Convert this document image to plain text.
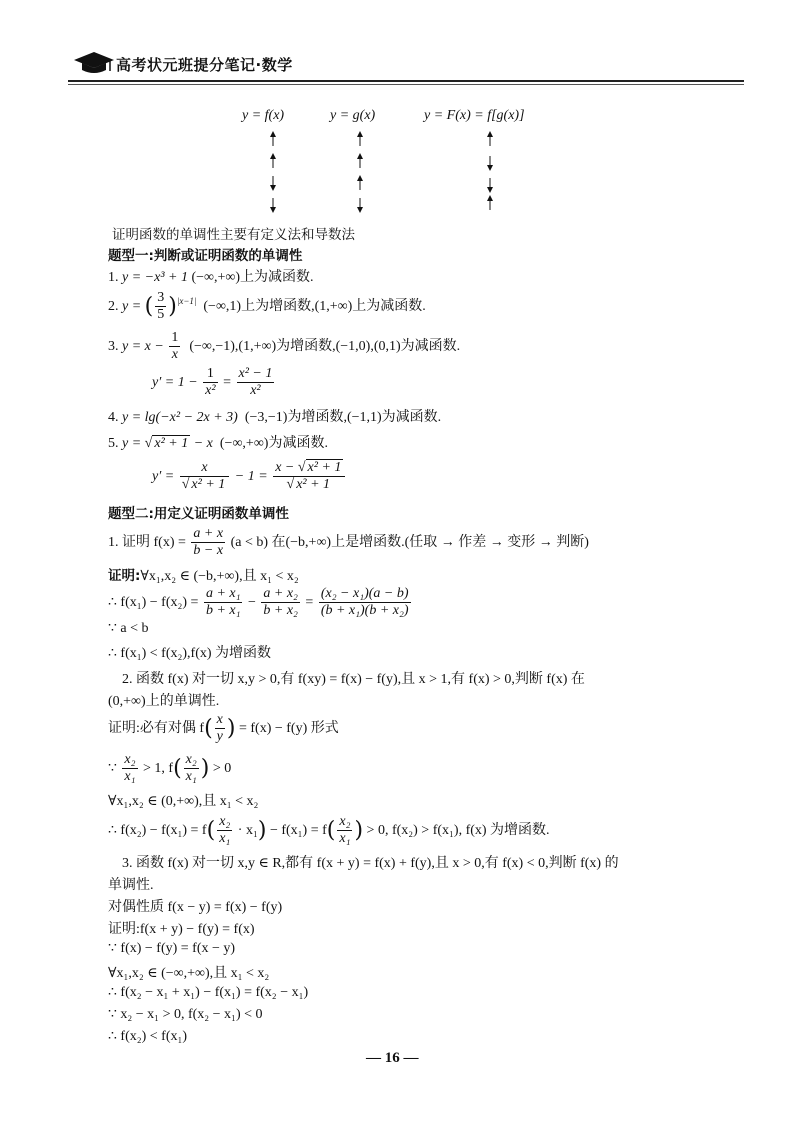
高考状元班提分笔记·数学
y = f(x)	y = g(x)	y = F(x) = f[g(x)]
证明函数的单调性主要有定义法和导数法
题型一:判断或证明函数的单调性
1. y = −x³ + 1 (−∞,+∞)上为减函数.
2. y = ( $\frac{3}{5} )^{|x-1|}$ (−∞,1)上为增函数,(1,+∞)上为减函数.
3. $y = x - \frac{1}{x} (-\infty,-1),(1,+\infty)$为增函数,(−1,0),(0,1)为减函数.
$y' = 1 - \frac{1}{\text{x²}} = \frac{\text{x² − 1}}{\text{x²}}$
4. y = lg(−x² − 2x + 3) (−3,−1)为增函数,(−1,1)为减函数.
5. y = √ x² + 1 − x (−∞,+∞)为减函数.
$y' = \frac{x}{\text{√ x² + 1}} - 1 = \frac{\text{x − √ x² + 1}}{\text{√ x² + 1}}$
题型二:用定义证明函数单调性
1. 证明 $f(x) = \frac{a + x}{b - x} (a < b)$ 在(−b,+∞)上是增函数.(任取 → 作差 → 变形 → 判断)
证明:∀x₁,x₂ ∈ (−b,+∞),且 x₁ < x₂
∴ $f(x_1) - f(x_2) = \frac{\text{a + x₁}}{\text{b + x₁}} - \frac{\text{a + x₂}}{\text{b + x₂}} = \frac{\text{(x₂ − x₁)(a − b)}}{\text{(b + x₁)(b + x₂)}}$
∵ a < b
∴ f(x₁) < f(x₂),f(x) 为增函数
2. 函数 f(x) 对一切 x,y > 0,有 f(xy) = f(x) − f(y),且 x > 1,有 f(x) > 0,判断 f(x) 在
(0,+∞)上的单调性.
证明:必有对偶 $f( \frac{x}{y}$ ) = f(x) − f(y) 形式
∵ $\frac{\text{x₂}}{\text{x₁}} > 1$, $f( \frac{\text{x₂}}{\text{x₁}}$ ) > 0
∀x₁,x₂ ∈ (0,+∞),且 x₁ < x₂
∴ $f(x_2) - f(x_1) = f( \frac{\text{x₂}}{\text{x₁}} \cdot x_1) - f(x_1) = f( \frac{\text{x₂}}{\text{x₁}}$ ) > 0, f(x₂) > f(x₁), f(x) 为增函数.
3. 函数 f(x) 对一切 x,y ∈ R,都有 f(x + y) = f(x) + f(y),且 x > 0,有 f(x) < 0,判断 f(x) 的
单调性.
对偶性质 f(x − y) = f(x) − f(y)
证明:f(x + y) − f(y) = f(x)
∵ f(x) − f(y) = f(x − y)
∀x₁,x₂ ∈ (−∞,+∞),且 x₁ < x₂
∴ f(x₂ − x₁ + x₁) − f(x₁) = f(x₂ − x₁)
∵ x₂ − x₁ > 0, f(x₂ − x₁) < 0
∴ f(x₂) < f(x₁)
— 16 —
